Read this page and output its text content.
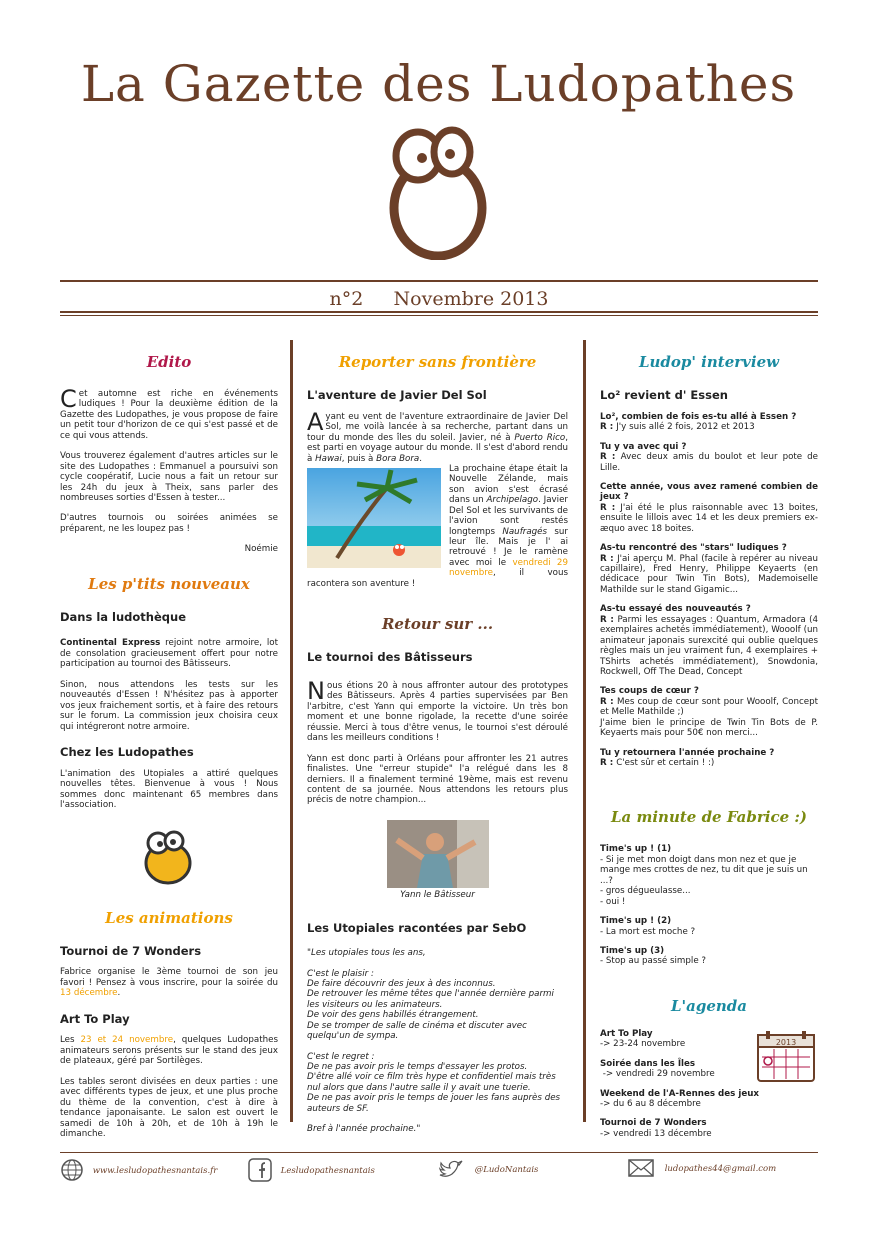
La Gazette des Ludopathes
n°2 Novembre 2013
Edito

Cet automne est riche en événements ludiques ! Pour la deuxième édition de la Gazette des Ludopathes, je vous propose de faire un petit tour d'horizon de ce qui s'est passé et de ce qui vous attends.

Vous trouverez également d'autres articles sur le site des Ludopathes : Emmanuel a poursuivi son cycle coopératif, Lucie nous a fait un retour sur les 24h du jeux à Theix, sans parler des nombreuses sorties d'Essen à tester...

D'autres tournois ou soirées animées se préparent, ne les loupez pas !

Noémie

Les p'tits nouveaux
Dans la ludothèque

Continental Express rejoint notre armoire, lot de consolation gracieusement offert pour notre participation au tournoi des Bâtisseurs.

Sinon, nous attendons les tests sur les nouveautés d'Essen ! N'hésitez pas à apporter vos jeux fraichement sortis, et à faire des retours sur le forum. La commission jeux choisira ceux qui intégreront notre armoire.

Chez les Ludopathes

L'animation des Utopiales a attiré quelques nouvelles têtes. Bienvenue à vous ! Nous sommes donc maintenant 65 membres dans l'association.

Les animations
Tournoi de 7 Wonders

Fabrice organise le 3ème tournoi de son jeu favori ! Pensez à vous inscrire, pour la soirée du 13 décembre.

Art To Play

Les 23 et 24 novembre, quelques Ludopathes animateurs serons présents sur le stand des jeux de plateaux, géré par Sortilèges.

Les tables seront divisées en deux parties : une avec différents types de jeux, et une plus proche du thème de la convention, c'est à dire à tendance japonaisante. Le salon est ouvert le samedi de 10h à 20h, et de 10h à 19h le dimanche.

Reporter sans frontière
L'aventure de Javier Del Sol

Ayant eu vent de l'aventure extraordinaire de Javier Del Sol, me voilà lancée à sa recherche, partant dans un tour du monde des îles du soleil. Javier, né à Puerto Rico, est parti en voyage autour du monde. Il s'est d'abord rendu à Hawai, puis à Bora Bora.

La prochaine étape était la Nouvelle Zélande, mais son avion s'est écrasé dans un Archipelago. Javier Del Sol et les survivants de l'avion sont restés longtemps Naufragés sur leur île. Mais je l' ai retrouvé ! Je le ramène avec moi le vendredi 29 novembre, il vous racontera son aventure !

Retour sur ...
Le tournoi des Bâtisseurs

Nous étions 20 à nous affronter autour des prototypes des Bâtisseurs. Après 4 parties supervisées par Ben l'arbitre, c'est Yann qui emporte la victoire. Un très bon moment et une bonne rigolade, la recette d'une soirée réussie. Merci à tous d'être venus, le tournoi s'est déroulé dans les meilleurs conditions !

Yann est donc parti à Orléans pour affronter les 21 autres finalistes. Une "erreur stupide" l'a relégué dans les 8 derniers. Il a finalement terminé 19ème, mais est revenu content de sa journée. Nous attendons les retours plus précis de notre champion...

Yann le Bâtisseur
Les Utopiales racontées par SebO
"Les utopiales tous les ans,
C'est le plaisir :
De faire découvrir des jeux à des inconnus.
De retrouver les même têtes que l'année dernière parmi les visiteurs ou les animateurs.
De voir des gens habillés étrangement.
De se tromper de salle de cinéma et discuter avec quelqu'un de sympa.
C'est le regret :
De ne pas avoir pris le temps d'essayer les protos.
D'être allé voir ce film très hype et confidentiel mais très nul alors que dans l'autre salle il y avait une tuerie.
De ne pas avoir pris le temps de jouer les fans auprès des auteurs de SF.
Bref à l'année prochaine."
Ludop' interview
Lo² revient d' Essen

Lo², combien de fois es-tu allé à Essen ?
R : J'y suis allé 2 fois, 2012 et 2013

Tu y va avec qui ?
R : Avec deux amis du boulot et leur pote de Lille.

Cette année, vous avez ramené combien de jeux ?
R : J'ai été le plus raisonnable avec 13 boites, ensuite le lillois avec 14 et les deux premiers ex-æquo avec 18 boites.

As-tu rencontré des "stars" ludiques ?
R : J'ai aperçu M. Phal (facile à repérer au niveau capillaire), Fred Henry, Philippe Keyaerts (en dédicace pour Twin Tin Bots), Mademoiselle Mathilde sur le stand Gigamic...

As-tu essayé des nouveautés ?
R : Parmi les essayages : Quantum, Armadora (4 exemplaires achetés immédiatement), Wooolf (un animateur japonais surexcité qui oublie quelques règles mais un jeu vraiment fun, 4 exemplaires + TShirts achetés immédiatement), Snowdonia, Rockwell, Off The Dead, Concept

Tes coups de cœur ?
R : Mes coup de cœur sont pour Wooolf, Concept et Melle Mathilde ;)
J'aime bien le principe de Twin Tin Bots de P. Keyaerts mais pour 50€ non merci...

Tu y retournera l'année prochaine ?
R : C'est sûr et certain ! :)

La minute de Fabrice :)

Time's up ! (1)
- Si je met mon doigt dans mon nez et que je mange mes crottes de nez, tu dit que je suis un ...?
- gros dégueulasse...
- oui !

Time's up ! (2)
- La mort est moche ?

Time's up (3)
- Stop au passé simple ?

L'agenda
2013

Art To Play
-> 23-24 novembre

Soirée dans les Îles
-> vendredi 29 novembre

Weekend de l'A-Rennes des jeux
-> du 6 au 8 décembre

Tournoi de 7 Wonders
-> vendredi 13 décembre

www.lesludopathesnantais.fr	Lesludopathesnantais	@LudoNantais	ludopathes44@gmail.com
